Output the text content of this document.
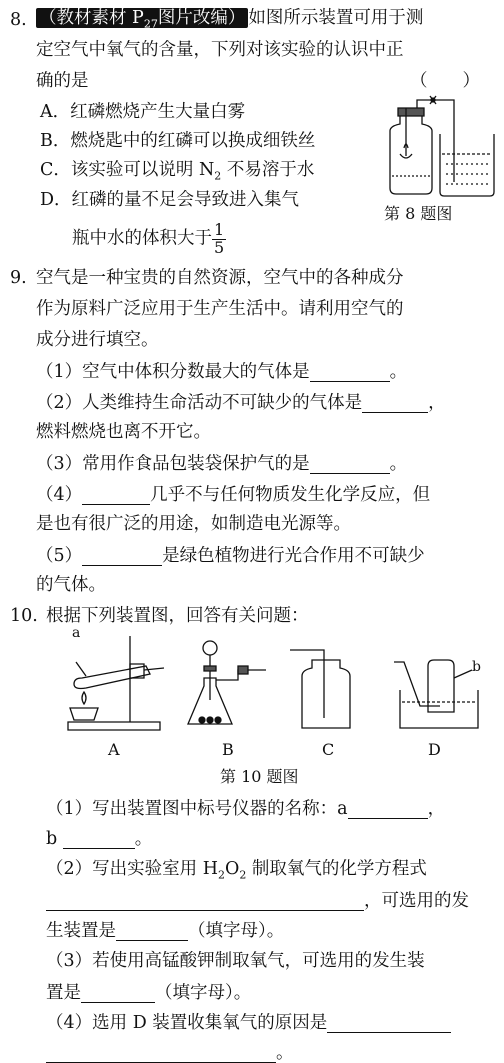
8. （教材素材 $P_{27}$图片改编） 如图所示装置可用于测
定空气中氧气的含量，下列对该实验的认识中正
确的是	（　　）
A．红磷燃烧产生大量白雾
B．燃烧匙中的红磷可以换成细铁丝
C．该实验可以说明 $N_2$ 不易溶于水
D．红磷的量不足会导致进入集气
瓶中水的体积大于 $\frac{1}{5}$
第 8 题图
9. 空气是一种宝贵的自然资源，空气中的各种成分
作为原料广泛应用于生产生活中。请利用空气的
成分进行填空。
（1）空气中体积分数最大的气体是	。
（2）人类维持生命活动不可缺少的气体是	，
燃料燃烧也离不开它。
（3）常用作食品包装袋保护气的是	。
（4）	几乎不与任何物质发生化学反应，但
是也有很广泛的用途，如制造电光源等。
（5）	是绿色植物进行光合作用不可缺少
的气体。
10. 根据下列装置图，回答有关问题：
a
b
A	B	C	D
第 10 题图
（1）写出装置图中标号仪器的名称：a	，
b	。
（2）写出实验室用 $H_2O_2$ 制取氧气的化学方程式
，可选用的发
生装置是	（填字母）。
（3）若使用高锰酸钾制取氧气，可选用的发生装
置是	（填字母）。
（4）选用 D 装置收集氧气的原因是
。
